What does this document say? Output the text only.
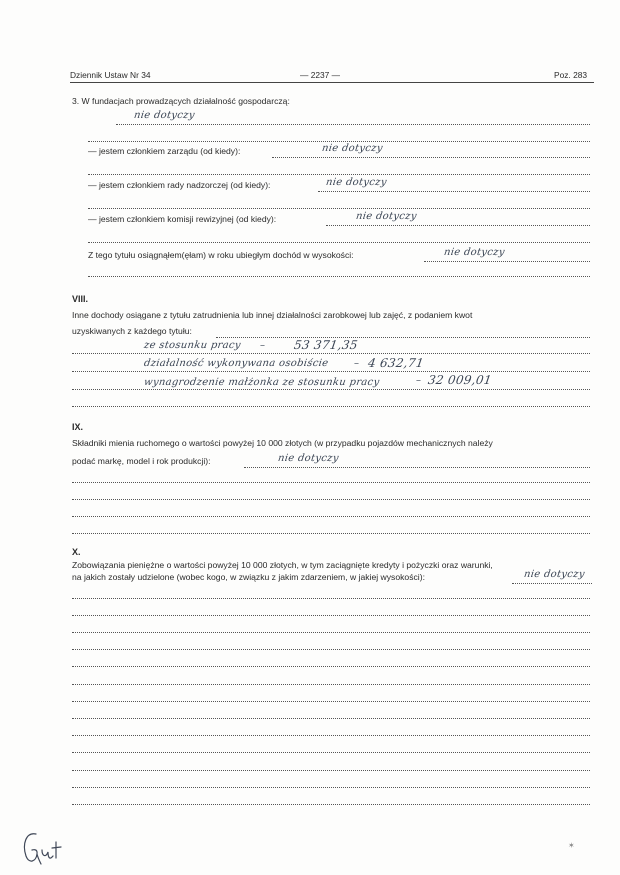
Dziennik Ustaw Nr 34	— 2237 —	Poz. 283
3. W fundacjach prowadzących działalność gospodarczą:
nie dotyczy
— jestem członkiem zarządu (od kiedy):	nie dotyczy
— jestem członkiem rady nadzorczej (od kiedy):	nie dotyczy
— jestem członkiem komisji rewizyjnej (od kiedy):	nie dotyczy
Z tego tytułu osiągnąłem(ęłam) w roku ubiegłym dochód w wysokości:	nie dotyczy
VIII.
Inne dochody osiągane z tytułu zatrudnienia lub innej działalności zarobkowej lub zajęć, z podaniem kwot
uzyskiwanych z każdego tytułu:
ze stosunku pracy – 53 371,35
działalność wykonywana osobiście – 4 632,71
wynagrodzenie małżonka ze stosunku pracy	– 32 009,01
IX.
Składniki mienia ruchomego o wartości powyżej 10 000 złotych (w przypadku pojazdów mechanicznych należy
podać markę, model i rok produkcji):	nie dotyczy
X.
Zobowiązania pieniężne o wartości powyżej 10 000 złotych, w tym zaciągnięte kredyty i pożyczki oraz warunki,
na jakich zostały udzielone (wobec kogo, w związku z jakim zdarzeniem, w jakiej wysokości):	nie dotyczy
✶
